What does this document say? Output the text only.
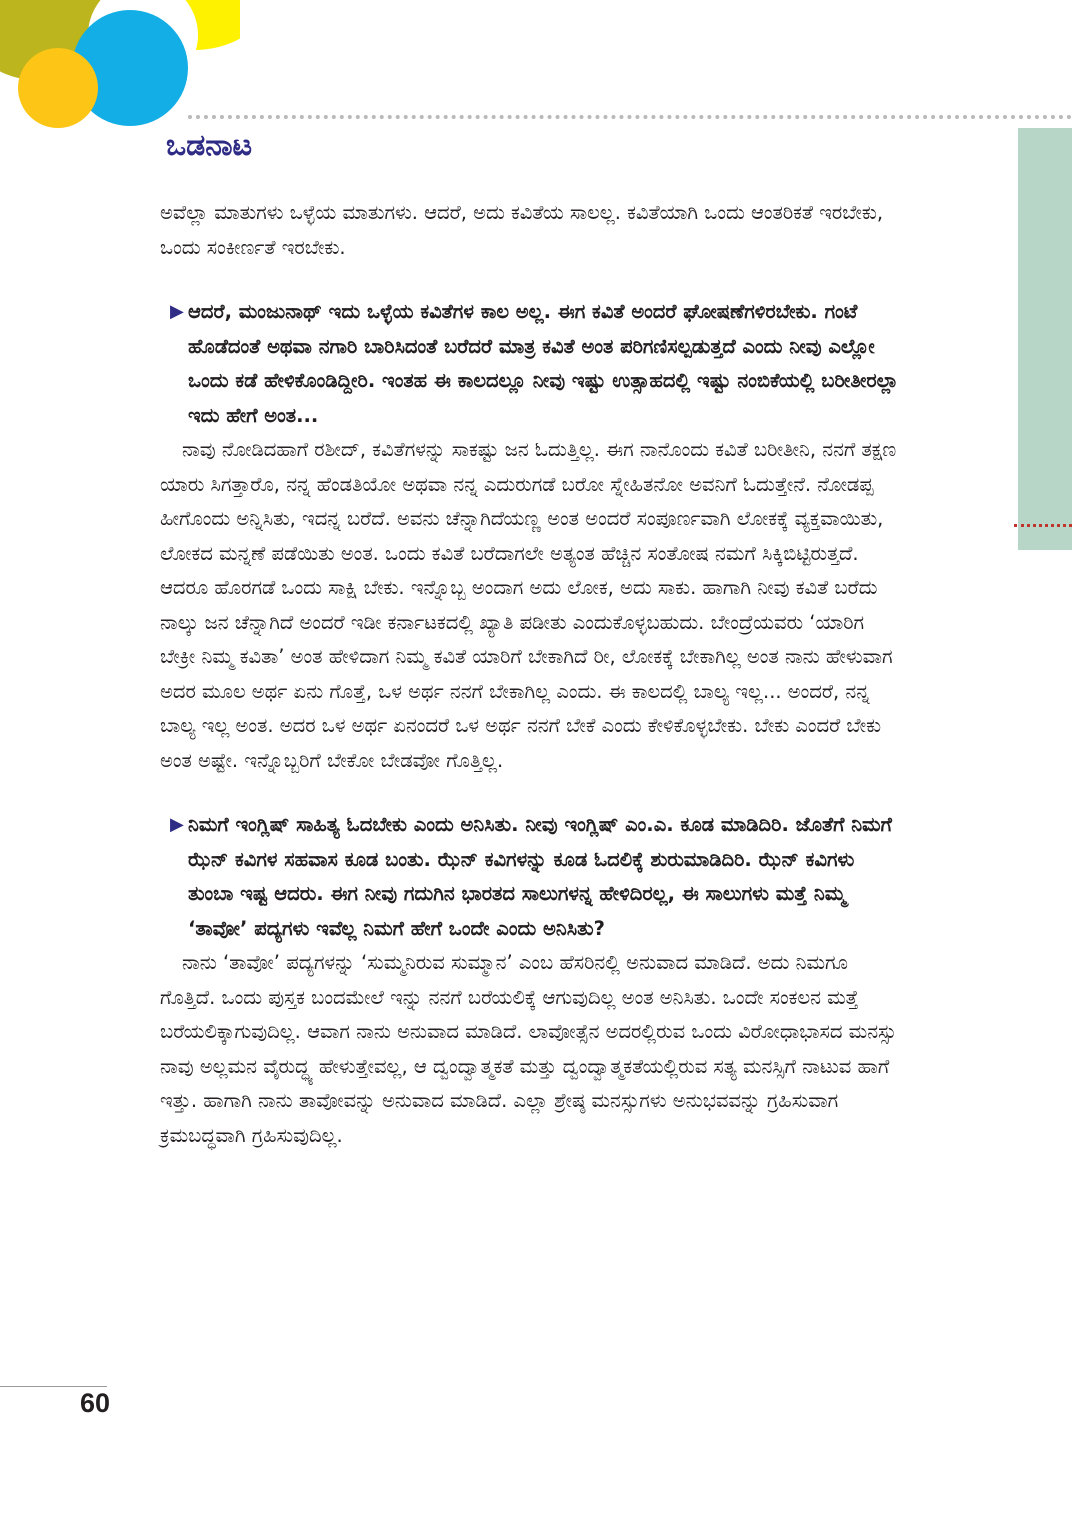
ಒಡನಾಟ

ಅವೆಲ್ಲಾ ಮಾತುಗಳು ಒಳ್ಳೆಯ ಮಾತುಗಳು. ಆದರೆ, ಅದು ಕವಿತೆಯ ಸಾಲಲ್ಲ. ಕವಿತೆಯಾಗಿ ಒಂದು ಆಂತರಿಕತೆ ಇರಬೇಕು, ಒಂದು ಸಂಕೀರ್ಣತೆ ಇರಬೇಕು.

▶ ಆದರೆ, ಮಂಜುನಾಥ್ ಇದು ಒಳ್ಳೆಯ ಕವಿತೆಗಳ ಕಾಲ ಅಲ್ಲ. ಈಗ ಕವಿತೆ ಅಂದರೆ ಘೋಷಣೆಗಳಿರಬೇಕು. ಗಂಟೆ ಹೊಡೆದಂತೆ ಅಥವಾ ನಗಾರಿ ಬಾರಿಸಿದಂತೆ ಬರೆದರೆ ಮಾತ್ರ ಕವಿತೆ ಅಂತ ಪರಿಗಣಿಸಲ್ಪಡುತ್ತದೆ ಎಂದು ನೀವು ಎಲ್ಲೋ ಒಂದು ಕಡೆ ಹೇಳಿಕೊಂಡಿದ್ದೀರಿ. ಇಂತಹ ಈ ಕಾಲದಲ್ಲೂ ನೀವು ಇಷ್ಟು ಉತ್ಸಾಹದಲ್ಲಿ ಇಷ್ಟು ನಂಬಿಕೆಯಲ್ಲಿ ಬರೀತೀರಲ್ಲಾ ಇದು ಹೇಗೆ ಅಂತ...

ನಾವು ನೋಡಿದಹಾಗೆ ರಶೀದ್, ಕವಿತೆಗಳನ್ನು ಸಾಕಷ್ಟು ಜನ ಓದುತ್ತಿಲ್ಲ. ಈಗ ನಾನೊಂದು ಕವಿತೆ ಬರೀತೀನಿ, ನನಗೆ ತಕ್ಷಣ ಯಾರು ಸಿಗತ್ತಾರೊ, ನನ್ನ ಹೆಂಡತಿಯೋ ಅಥವಾ ನನ್ನ ಎದುರುಗಡೆ ಬರೋ ಸ್ನೇಹಿತನೋ ಅವನಿಗೆ ಓದುತ್ತೇನೆ. ನೋಡಪ್ಪ ಹೀಗೊಂದು ಅನ್ನಿಸಿತು, ಇದನ್ನ ಬರೆದೆ. ಅವನು ಚೆನ್ನಾಗಿದೆಯಣ್ಣ ಅಂತ ಅಂದರೆ ಸಂಪೂರ್ಣವಾಗಿ ಲೋಕಕ್ಕೆ ವ್ಯಕ್ತವಾಯಿತು, ಲೋಕದ ಮನ್ನಣೆ ಪಡೆಯಿತು ಅಂತ. ಒಂದು ಕವಿತೆ ಬರೆದಾಗಲೇ ಅತ್ಯಂತ ಹೆಚ್ಚಿನ ಸಂತೋಷ ನಮಗೆ ಸಿಕ್ಕಿಬಿಟ್ಟಿರುತ್ತದೆ. ಆದರೂ ಹೊರಗಡೆ ಒಂದು ಸಾಕ್ಷಿ ಬೇಕು. ಇನ್ನೊಬ್ಬ ಅಂದಾಗ ಅದು ಲೋಕ, ಅದು ಸಾಕು. ಹಾಗಾಗಿ ನೀವು ಕವಿತೆ ಬರೆದು ನಾಲ್ಕು ಜನ ಚೆನ್ನಾಗಿದೆ ಅಂದರೆ ಇಡೀ ಕರ್ನಾಟಕದಲ್ಲಿ ಖ್ಯಾತಿ ಪಡೀತು ಎಂದುಕೊಳ್ಳಬಹುದು. ಬೇಂದ್ರೆಯವರು ‘ಯಾರಿಗ ಬೇಕ್ರೀ ನಿಮ್ಮ ಕವಿತಾ’ ಅಂತ ಹೇಳಿದಾಗ ನಿಮ್ಮ ಕವಿತೆ ಯಾರಿಗೆ ಬೇಕಾಗಿದೆ ರೀ, ಲೋಕಕ್ಕೆ ಬೇಕಾಗಿಲ್ಲ ಅಂತ ನಾನು ಹೇಳುವಾಗ ಅದರ ಮೂಲ ಅರ್ಥ ಏನು ಗೊತ್ತೆ, ಒಳ ಅರ್ಥ ನನಗೆ ಬೇಕಾಗಿಲ್ಲ ಎಂದು. ಈ ಕಾಲದಲ್ಲಿ ಬಾಲ್ಯ ಇಲ್ಲ... ಅಂದರೆ, ನನ್ನ ಬಾಲ್ಯ ಇಲ್ಲ ಅಂತ. ಅದರ ಒಳ ಅರ್ಥ ಏನಂದರೆ ಒಳ ಅರ್ಥ ನನಗೆ ಬೇಕೆ ಎಂದು ಕೇಳಿಕೊಳ್ಳಬೇಕು. ಬೇಕು ಎಂದರೆ ಬೇಕು ಅಂತ ಅಷ್ಟೇ. ಇನ್ನೊಬ್ಬರಿಗೆ ಬೇಕೋ ಬೇಡವೋ ಗೊತ್ತಿಲ್ಲ.

▶ ನಿಮಗೆ ಇಂಗ್ಲಿಷ್ ಸಾಹಿತ್ಯ ಓದಬೇಕು ಎಂದು ಅನಿಸಿತು. ನೀವು ಇಂಗ್ಲಿಷ್ ಎಂ.ಎ. ಕೂಡ ಮಾಡಿದಿರಿ. ಜೊತೆಗೆ ನಿಮಗೆ ಝೆನ್ ಕವಿಗಳ ಸಹವಾಸ ಕೂಡ ಬಂತು. ಝೆನ್ ಕವಿಗಳನ್ನು ಕೂಡ ಓದಲಿಕ್ಕೆ ಶುರುಮಾಡಿದಿರಿ. ಝೆನ್ ಕವಿಗಳು ತುಂಬಾ ಇಷ್ಟ ಆದರು. ಈಗ ನೀವು ಗದುಗಿನ ಭಾರತದ ಸಾಲುಗಳನ್ನ ಹೇಳಿದಿರಲ್ಲ, ಈ ಸಾಲುಗಳು ಮತ್ತೆ ನಿಮ್ಮ ‘ತಾವೋ’ ಪದ್ಯಗಳು ಇವೆಲ್ಲ ನಿಮಗೆ ಹೇಗೆ ಒಂದೇ ಎಂದು ಅನಿಸಿತು?

ನಾನು ‘ತಾವೋ’ ಪದ್ಯಗಳನ್ನು ‘ಸುಮ್ಮನಿರುವ ಸುಮ್ಮಾನ’ ಎಂಬ ಹೆಸರಿನಲ್ಲಿ ಅನುವಾದ ಮಾಡಿದೆ. ಅದು ನಿಮಗೂ ಗೊತ್ತಿದೆ. ಒಂದು ಪುಸ್ತಕ ಬಂದಮೇಲೆ ಇನ್ನು ನನಗೆ ಬರೆಯಲಿಕ್ಕೆ ಆಗುವುದಿಲ್ಲ ಅಂತ ಅನಿಸಿತು. ಒಂದೇ ಸಂಕಲನ ಮತ್ತೆ ಬರೆಯಲಿಕ್ಕಾಗುವುದಿಲ್ಲ. ಆವಾಗ ನಾನು ಅನುವಾದ ಮಾಡಿದೆ. ಲಾವೋತ್ಸೆನ ಅದರಲ್ಲಿರುವ ಒಂದು ವಿರೋಧಾಭಾಸದ ಮನಸ್ಸು ನಾವು ಅಲ್ಲಮನ ವೈರುದ್ಧ್ಯ ಹೇಳುತ್ತೇವಲ್ಲ, ಆ ದ್ವಂದ್ವಾತ್ಮಕತೆ ಮತ್ತು ದ್ವಂದ್ವಾತ್ಮಕತೆಯಲ್ಲಿರುವ ಸತ್ಯ ಮನಸ್ಸಿಗೆ ನಾಟುವ ಹಾಗೆ ಇತ್ತು. ಹಾಗಾಗಿ ನಾನು ತಾವೋವನ್ನು ಅನುವಾದ ಮಾಡಿದೆ. ಎಲ್ಲಾ ಶ್ರೇಷ್ಠ ಮನಸ್ಸುಗಳು ಅನುಭವವನ್ನು ಗ್ರಹಿಸುವಾಗ ಕ್ರಮಬದ್ಧವಾಗಿ ಗ್ರಹಿಸುವುದಿಲ್ಲ.

60
